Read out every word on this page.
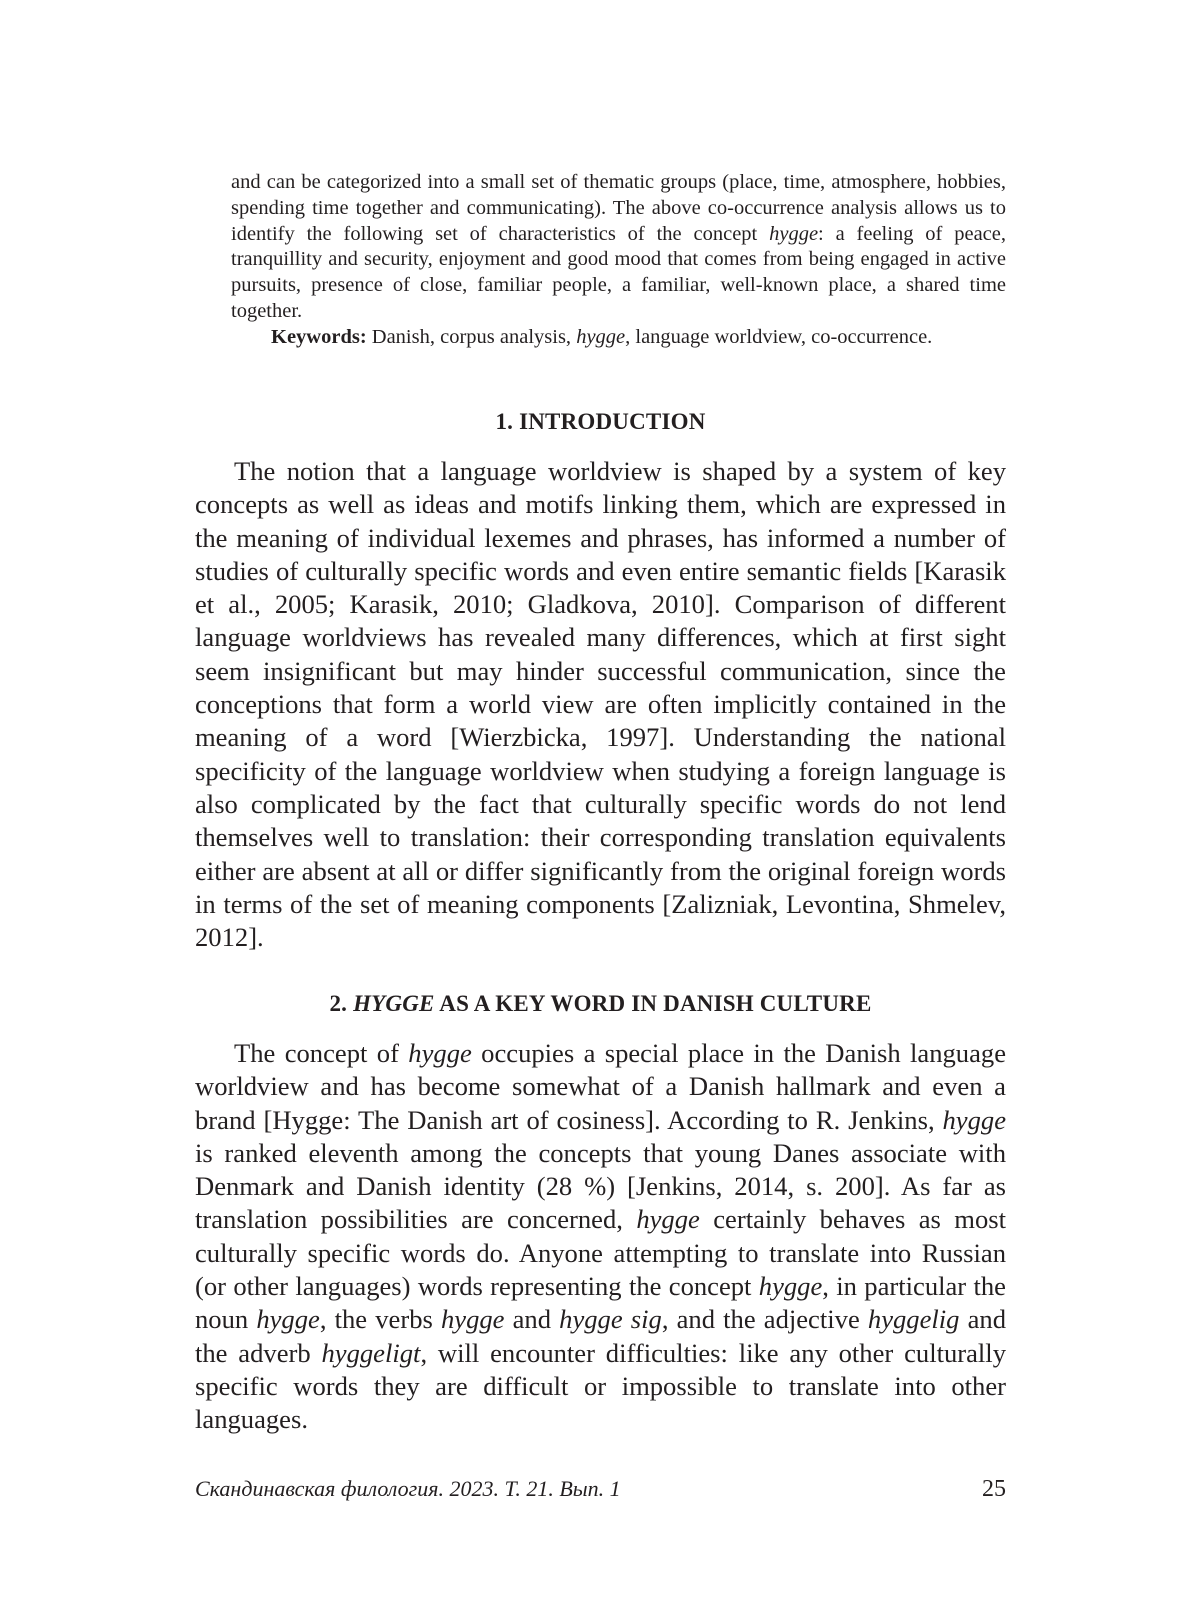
and can be categorized into a small set of thematic groups (place, time, atmosphere, hobbies, spending time together and communicating). The above co-occurrence analysis allows us to identify the following set of characteristics of the concept hygge: a feeling of peace, tranquillity and security, enjoyment and good mood that comes from being engaged in active pursuits, presence of close, familiar people, a familiar, well-known place, a shared time together.

Keywords: Danish, corpus analysis, hygge, language worldview, co-occurrence.

1. INTRODUCTION

The notion that a language worldview is shaped by a system of key concepts as well as ideas and motifs linking them, which are expressed in the meaning of individual lexemes and phrases, has informed a number of studies of culturally specific words and even entire semantic fields [Karasik et al., 2005; Karasik, 2010; Gladkova, 2010]. Comparison of different language worldviews has revealed many differences, which at first sight seem insignificant but may hinder successful communication, since the conceptions that form a world view are often implicitly contained in the meaning of a word [Wierzbicka, 1997]. Understanding the national specificity of the language worldview when studying a foreign language is also complicated by the fact that culturally specific words do not lend themselves well to translation: their corresponding translation equivalents either are absent at all or differ significantly from the original foreign words in terms of the set of meaning components [Zalizniak, Levontina, Shmelev, 2012].

2. HYGGE AS A KEY WORD IN DANISH CULTURE

The concept of hygge occupies a special place in the Danish language worldview and has become somewhat of a Danish hallmark and even a brand [Hygge: The Danish art of cosiness]. According to R. Jenkins, hygge is ranked eleventh among the concepts that young Danes associate with Denmark and Danish identity (28 %) [Jenkins, 2014, s. 200]. As far as translation possibilities are concerned, hygge certainly behaves as most culturally specific words do. Anyone attempting to translate into Russian (or other languages) words representing the concept hygge, in particular the noun hygge, the verbs hygge and hygge sig, and the adjective hyggelig and the adverb hyggeligt, will encounter difficulties: like any other culturally specific words they are difficult or impossible to translate into other languages.

Скандинавская филология. 2023. Т. 21. Вып. 1	25
